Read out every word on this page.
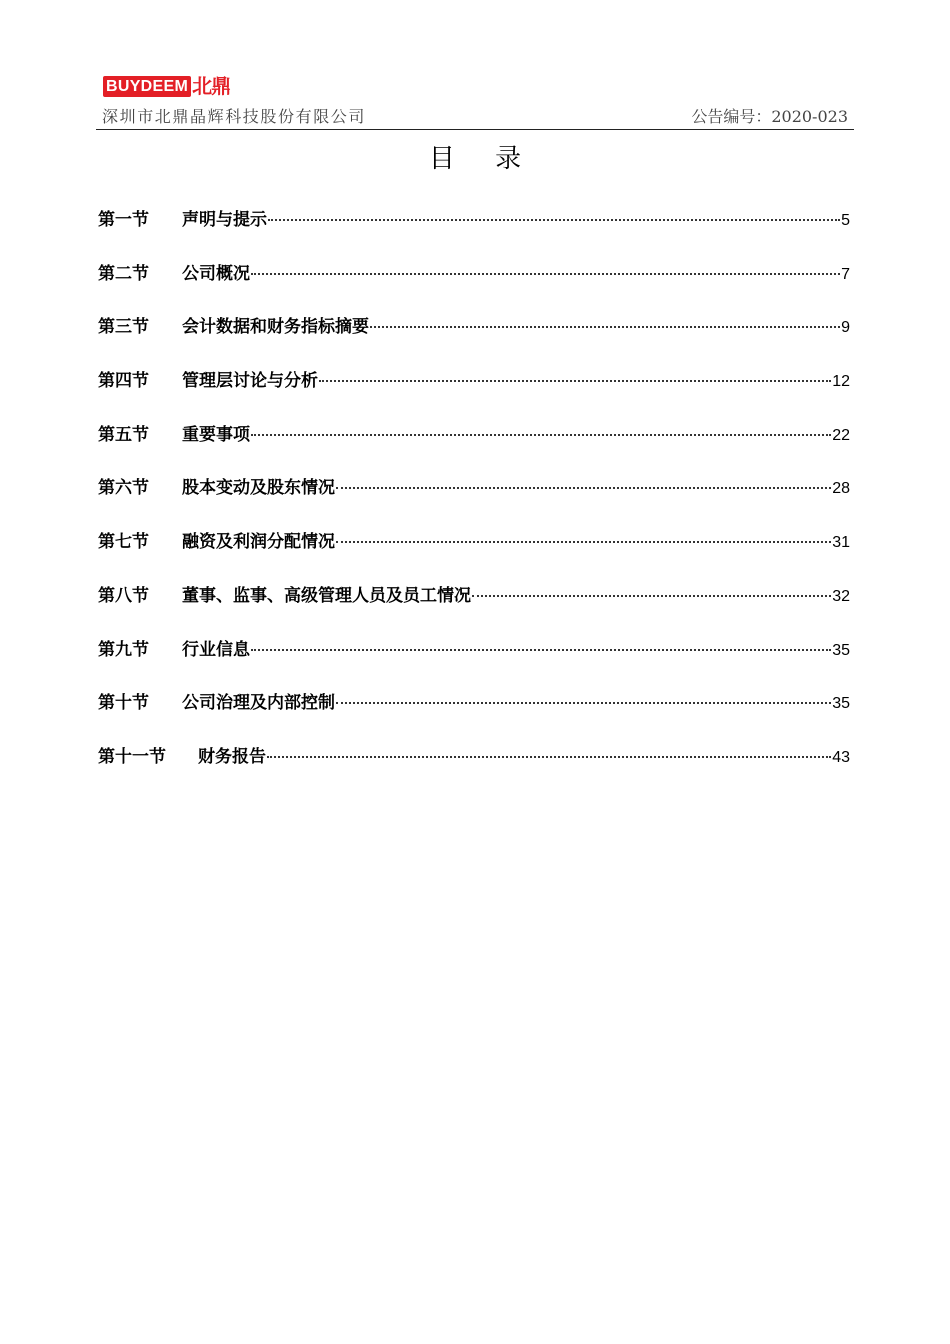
BUYDEEM 北鼎
深圳市北鼎晶辉科技股份有限公司	公告编号：2020-023
目 录
第一节	声明与提示	5
第二节	公司概况	7
第三节	会计数据和财务指标摘要	9
第四节	管理层讨论与分析	12
第五节	重要事项	22
第六节	股本变动及股东情况	28
第七节	融资及利润分配情况	31
第八节	董事、监事、高级管理人员及员工情况	32
第九节	行业信息	35
第十节	公司治理及内部控制	35
第十一节	财务报告	43
